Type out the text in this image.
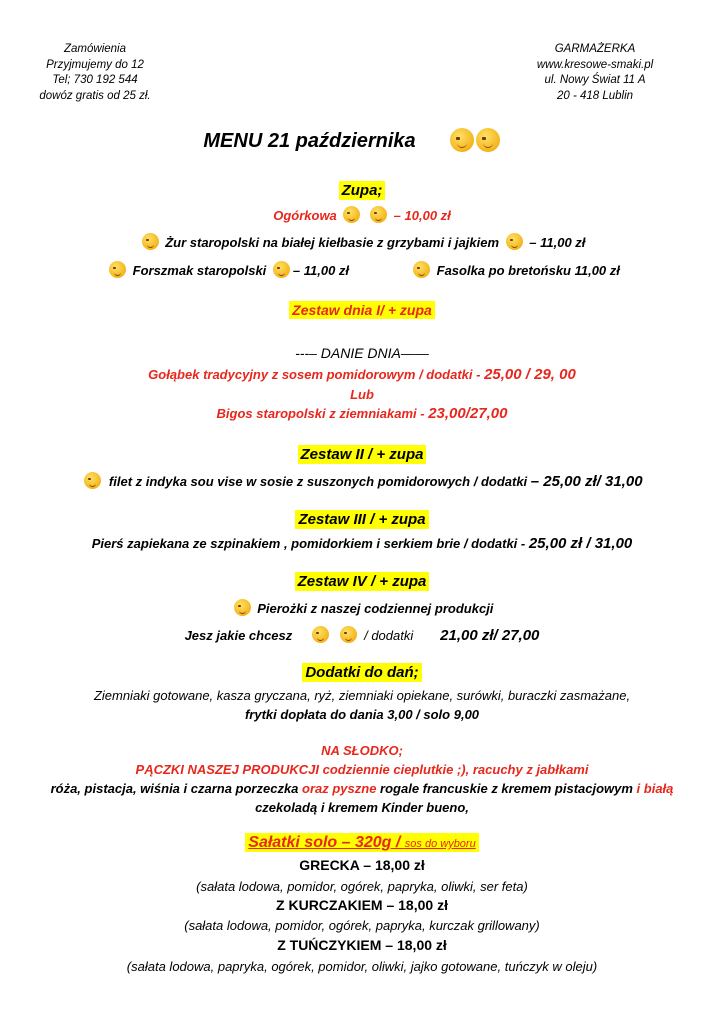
Zamówienia
Przyjmujemy do 12
Tel; 730 192 544
dowóz gratis od 25 zł.
GARMAŻERKA
www.kresowe-smaki.pl
ul. Nowy Świat 11 A
20 - 418 Lublin
MENU 21 października
Zupa;
Ogórkowa	– 10,00 zł
Żur staropolski na białej kiełbasie z grzybami i jajkiem – 11,00 zł
Forszmak staropolski – 11,00 zł	Fasolka po bretońsku 11,00 zł
Zestaw dnia I/ + zupa
---– DANIE DNIA——
Gołąbek tradycyjny z sosem pomidorowym / dodatki - 25,00 / 29, 00
Lub
Bigos staropolski z ziemniakami - 23,00/27,00
Zestaw II / + zupa
filet z indyka sou vise w sosie z suszonych pomidorowych / dodatki – 25,00 zł/ 31,00
Zestaw III / + zupa
Pierś zapiekana ze szpinakiem , pomidorkiem i serkiem brie / dodatki - 25,00 zł / 31,00
Zestaw IV / + zupa
Pierożki z naszej codziennej produkcji
Jesz jakie chcesz	/ dodatki 21,00 zł/ 27,00
Dodatki do dań;
Ziemniaki gotowane, kasza gryczana, ryż, ziemniaki opiekane, surówki, buraczki zasmażane,
frytki dopłata do dania 3,00 / solo 9,00
NA SŁODKO;
PĄCZKI NASZEJ PRODUKCJI codziennie cieplutkie ;), racuchy z jabłkami
róża, pistacja, wiśnia i czarna porzeczka oraz pyszne rogale francuskie z kremem pistacjowym i białą
czekoladą i kremem Kinder bueno,
Sałatki solo – 320g / sos do wyboru
GRECKA – 18,00 zł
(sałata lodowa, pomidor, ogórek, papryka, oliwki, ser feta)
Z KURCZAKIEM – 18,00 zł
(sałata lodowa, pomidor, ogórek, papryka, kurczak grillowany)
Z TUŃCZYKIEM – 18,00 zł
(sałata lodowa, papryka, ogórek, pomidor, oliwki, jajko gotowane, tuńczyk w oleju)
